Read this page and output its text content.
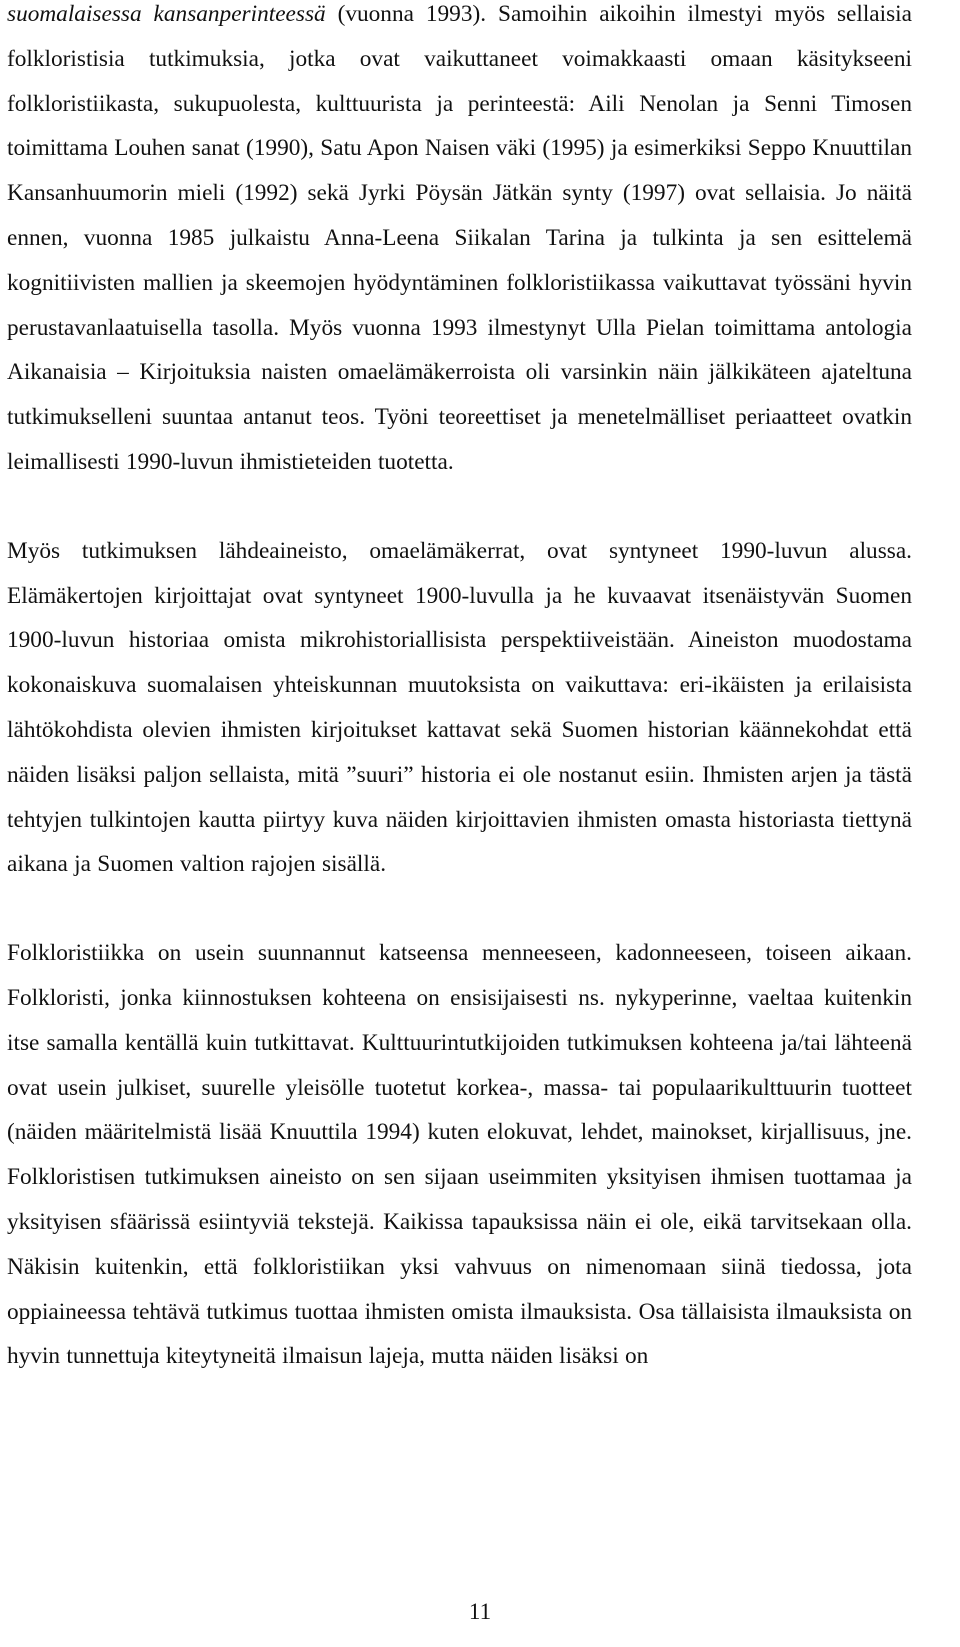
suomalaisessa kansanperinteessä (vuonna 1993). Samoihin aikoihin ilmestyi myös sellaisia folkloristisia tutkimuksia, jotka ovat vaikuttaneet voimakkaasti omaan käsitykseeni folkloristiikasta, sukupuolesta, kulttuurista ja perinteestä: Aili Nenolan ja Senni Timosen toimittama Louhen sanat (1990), Satu Apon Naisen väki (1995) ja esimerkiksi Seppo Knuuttilan Kansanhuumorin mieli (1992) sekä Jyrki Pöysän Jätkän synty (1997) ovat sellaisia. Jo näitä ennen, vuonna 1985 julkaistu Anna-Leena Siikalan Tarina ja tulkinta ja sen esittelemä kognitiivisten mallien ja skeemojen hyödyntäminen folkloristiikassa vaikuttavat työssäni hyvin perustavanlaatuisella tasolla. Myös vuonna 1993 ilmestynyt Ulla Pielan toimittama antologia Aikanaisia – Kirjoituksia naisten omaelämäkerroista oli varsinkin näin jälkikäteen ajateltuna tutkimukselleni suuntaa antanut teos. Työni teoreettiset ja menetelmälliset periaatteet ovatkin leimallisesti 1990-luvun ihmistieteiden tuotetta.

Myös tutkimuksen lähdeaineisto, omaelämäkerrat, ovat syntyneet 1990-luvun alussa. Elämäkertojen kirjoittajat ovat syntyneet 1900-luvulla ja he kuvaavat itsenäistyvän Suomen 1900-luvun historiaa omista mikrohistoriallisista perspektiiveistään. Aineiston muodostama kokonaiskuva suomalaisen yhteiskunnan muutoksista on vaikuttava: eri-ikäisten ja erilaisista lähtökohdista olevien ihmisten kirjoitukset kattavat sekä Suomen historian käännekohdat että näiden lisäksi paljon sellaista, mitä ”suuri” historia ei ole nostanut esiin. Ihmisten arjen ja tästä tehtyjen tulkintojen kautta piirtyy kuva näiden kirjoittavien ihmisten omasta historiasta tiettynä aikana ja Suomen valtion rajojen sisällä.

Folkloristiikka on usein suunnannut katseensa menneeseen, kadonneeseen, toiseen aikaan. Folkloristi, jonka kiinnostuksen kohteena on ensisijaisesti ns. nykyperinne, vaeltaa kuitenkin itse samalla kentällä kuin tutkittavat. Kulttuurintutkijoiden tutkimuksen kohteena ja/tai lähteenä ovat usein julkiset, suurelle yleisölle tuotetut korkea-, massa- tai populaarikulttuurin tuotteet (näiden määritelmistä lisää Knuuttila 1994) kuten elokuvat, lehdet, mainokset, kirjallisuus, jne. Folkloristisen tutkimuksen aineisto on sen sijaan useimmiten yksityisen ihmisen tuottamaa ja yksityisen sfäärissä esiintyviä tekstejä. Kaikissa tapauksissa näin ei ole, eikä tarvitsekaan olla. Näkisin kuitenkin, että folkloristiikan yksi vahvuus on nimenomaan siinä tiedossa, jota oppiaineessa tehtävä tutkimus tuottaa ihmisten omista ilmauksista. Osa tällaisista ilmauksista on hyvin tunnettuja kiteytyneitä ilmaisun lajeja, mutta näiden lisäksi on

11
